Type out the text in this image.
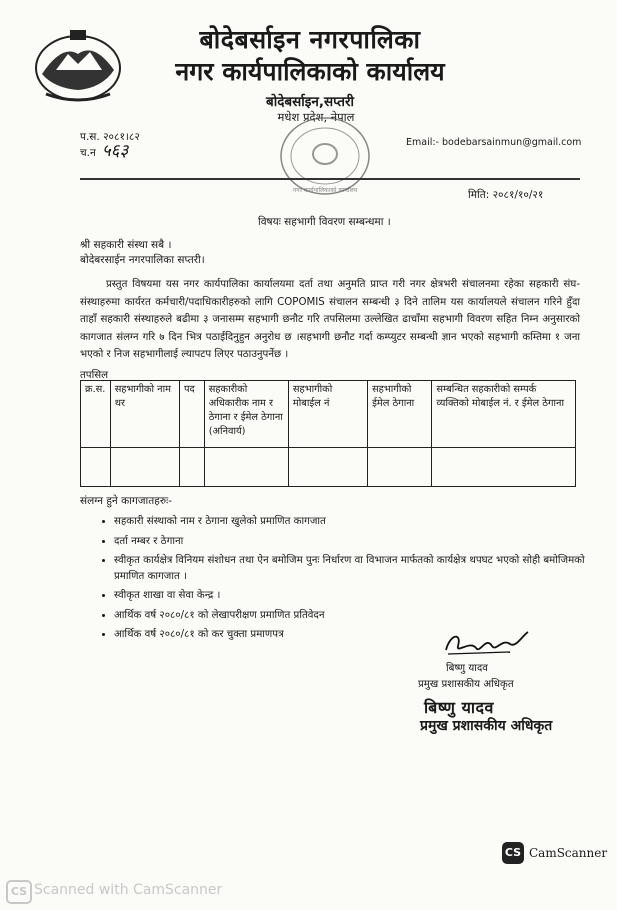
बोदेबर्साइन नगरपालिका
नगर कार्यपालिकाको कार्यालय
बोदेबर्साइन,सप्तरी
मधेश प्रदेश, नेपाल
नगर कार्यपालिकाको कार्यालय
Email:- bodebarsainmun@gmail.com
प.स. २०८१।८२
च.न ५६३
मिति: २०८१/१०/२१
विषयः सहभागी विवरण सम्बन्धमा ।
श्री सहकारी संस्था सबै ।
बोदेबरसाईन नगरपालिका सप्तरी।
प्रस्तुत विषयमा यस नगर कार्यपालिका कार्यालयमा दर्ता तथा अनुमति प्राप्त गरी नगर क्षेत्रभरी संचालनमा रहेका सहकारी संघ-संस्थाहरुमा कार्यरत कर्मचारी/पदाधिकारीहरुको लागि COPOMIS संचालन सम्बन्धी ३ दिने तालिम यस कार्यालयले संचालन गरिने हुँदा ताहाँ सहकारी संस्थाहरुले बढीमा ३ जनासम्म सहभागी छनौट गरि तपसिलमा उल्लेखित ढाचाँमा सहभागी विवरण सहित निम्न अनुसारको कागजात संलग्न गरि ७ दिन भित्र पठाईदिनुहुन अनुरोध छ ।सहभागी छनौट गर्दा कम्प्युटर सम्बन्धी ज्ञान भएको सहभागी कम्तिमा १ जना भएको र निज सहभागीलाई ल्यापटप लिएर पठाउनुपर्नेछ ।
तपसिल
क्र.स.	सहभागीको नाम थर	पद	सहकारीको अधिकारीक नाम र ठेगाना र ईमेल ठेगाना (अनिवार्य)	सहभागीको मोबाईल नं	सहभागीको ईमेल ठेगाना	सम्बन्धित सहकारीको सम्पर्क व्यक्तिको मोबाईल नं. र ईमेल ठेगाना

संलग्न हुने कागजातहरुः-
• सहकारी संस्थाको नाम र ठेगाना खुलेको प्रमाणित कागजात
• दर्ता नम्बर र ठेगाना
• स्वीकृत कार्यक्षेत्र विनियम संशोधन तथा ऐन बमोजिम पुनः निर्धारण वा विभाजन मार्फतको कार्यक्षेत्र थपघट भएको सोही बमोजिमको प्रमाणित कागजात ।
• स्वीकृत शाखा वा सेवा केन्द्र ।
• आर्थिक वर्ष २०८०/८१ को लेखापरीक्षण प्रमाणित प्रतिवेदन
• आर्थिक वर्ष २०८०/८१ को कर चुक्ता प्रमाणपत्र
बिष्णु यादव
प्रमुख प्रशासकीय अधिकृत
बिष्णु यादव
प्रमुख प्रशासकीय अधिकृत
CS CamScanner
CS Scanned with CamScanner
